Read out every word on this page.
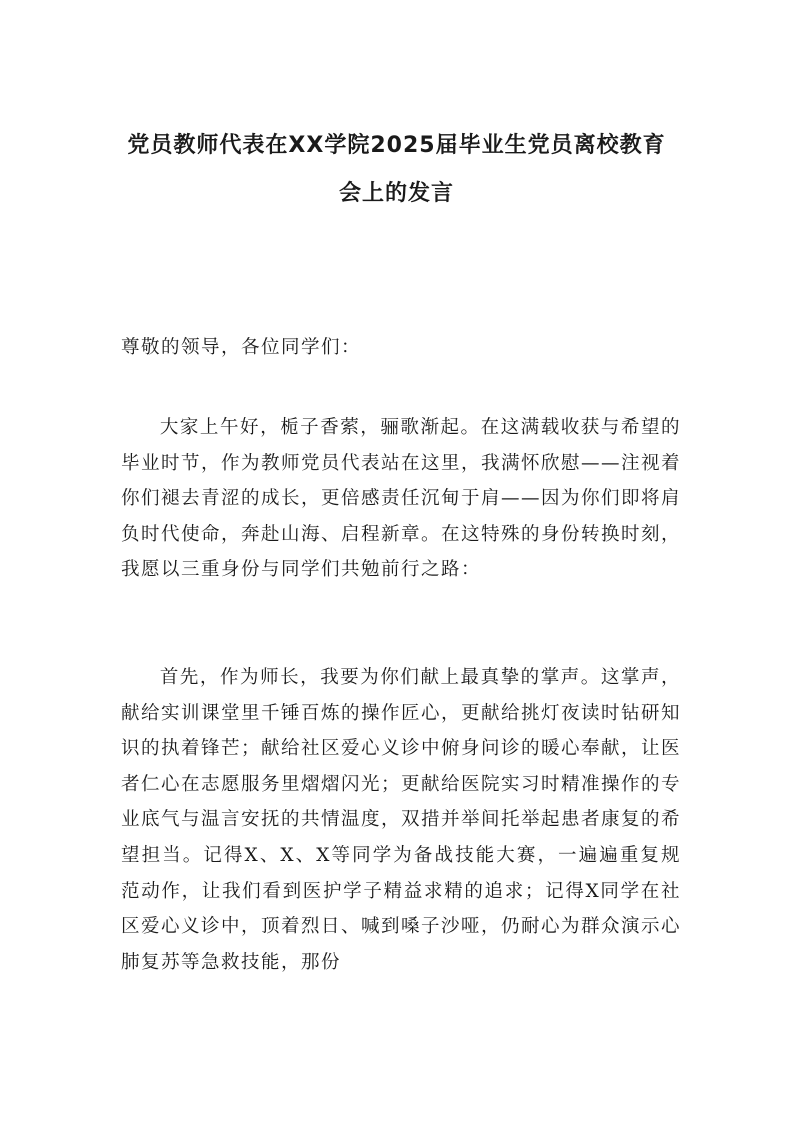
党员教师代表在XX学院2025届毕业生党员离校教育
会上的发言
尊敬的领导，各位同学们：
大家上午好，栀子香萦，骊歌渐起。在这满载收获与希望的毕业时节，作为教师党员代表站在这里，我满怀欣慰——注视着你们褪去青涩的成长，更倍感责任沉甸于肩——因为你们即将肩负时代使命，奔赴山海、启程新章。在这特殊的身份转换时刻，我愿以三重身份与同学们共勉前行之路：
首先，作为师长，我要为你们献上最真挚的掌声。这掌声，献给实训课堂里千锤百炼的操作匠心，更献给挑灯夜读时钻研知识的执着锋芒；献给社区爱心义诊中俯身问诊的暖心奉献，让医者仁心在志愿服务里熠熠闪光；更献给医院实习时精准操作的专业底气与温言安抚的共情温度，双措并举间托举起患者康复的希望担当。记得X、X、X等同学为备战技能大赛，一遍遍重复规范动作，让我们看到医护学子精益求精的追求；记得X同学在社区爱心义诊中，顶着烈日、喊到嗓子沙哑，仍耐心为群众演示心肺复苏等急救技能，那份
